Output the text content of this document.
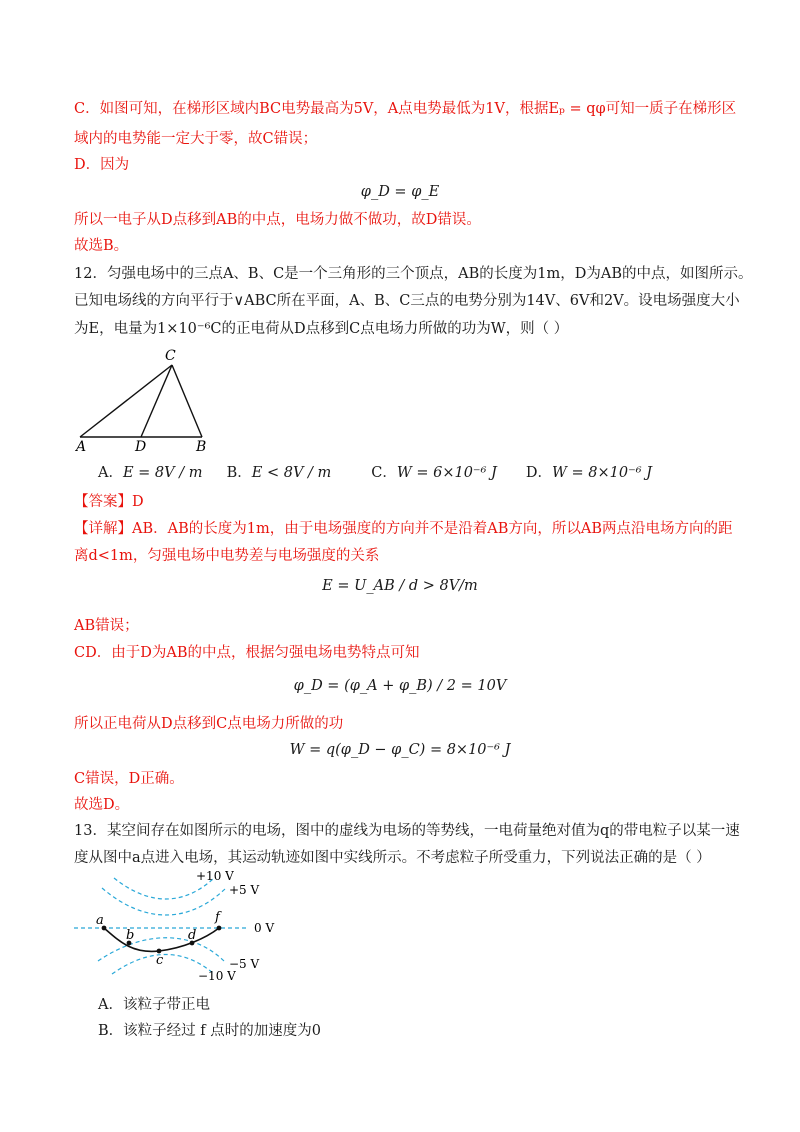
C．如图可知，在梯形区域内BC电势最高为5V，A点电势最低为1V，根据Eₚ = qφ可知一质子在梯形区
域内的电势能一定大于零，故C错误；
D．因为
φ_D = φ_E
所以一电子从D点移到AB的中点，电场力做不做功，故D错误。
故选B。
12．匀强电场中的三点A、B、C是一个三角形的三个顶点，AB的长度为1m，D为AB的中点，如图所示。
已知电场线的方向平行于∨ABC所在平面，A、B、C三点的电势分别为14V、6V和2V。设电场强度大小
为E，电量为1×10⁻⁶C的正电荷从D点移到C点电场力所做的功为W，则（ ）
A	D	B
C
A．E = 8V / m B．E < 8V / m	C．W = 6×10⁻⁶ J D．W = 8×10⁻⁶ J
【答案】D
【详解】AB．AB的长度为1m，由于电场强度的方向并不是沿着AB方向，所以AB两点沿电场方向的距
离d<1m，匀强电场中电势差与电场强度的关系
E = U_AB / d > 8V/m
AB错误；
CD．由于D为AB的中点，根据匀强电场电势特点可知
φ_D = (φ_A + φ_B) / 2 = 10V
所以正电荷从D点移到C点电场力所做的功
W = q(φ_D − φ_C) = 8×10⁻⁶ J
C错误，D正确。
故选D。
13．某空间存在如图所示的电场，图中的虚线为电场的等势线，一电荷量绝对值为q的带电粒子以某一速
度从图中a点进入电场，其运动轨迹如图中实线所示。不考虑粒子所受重力，下列说法正确的是（ ）
a
b
c
d
f
+10 V
+5 V
0 V
−5 V
−10 V
A．该粒子带正电
B．该粒子经过 f 点时的加速度为0
